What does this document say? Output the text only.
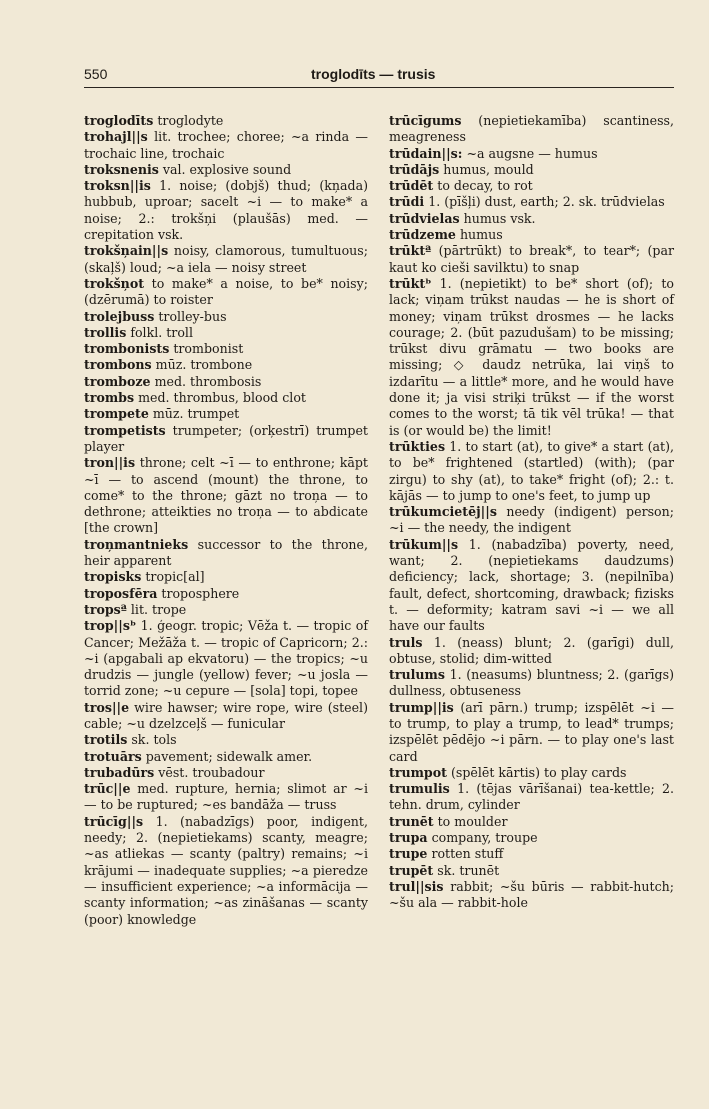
550	troglodīts — trusis
troglodīts troglodyte
trohajl||s lit. trochee; choree; ~a rinda — trochaic line, trochaic
troksnenis val. explosive sound
troksn||is 1. noise; (dobjš) thud; (kņada) hubbub, uproar; sacelt ~i — to make* a noise; 2.: trokšņi (plaušās) med. — crepitation vsk.
trokšņain||s noisy, clamorous, tumultuous; (skaļš) loud; ~a iela — noisy street
trokšņot to make* a noise, to be* noisy; (dzērumā) to roister
trolejbuss trolley-bus
trollis folkl. troll
trombonists trombonist
trombons mūz. trombone
tromboze med. thrombosis
trombs med. thrombus, blood clot
trompete mūz. trumpet
trompetists trumpeter; (orķestrī) trumpet player
tron||is throne; celt ~ī — to enthrone; kāpt ~ī — to ascend (mount) the throne, to come* to the throne; gāzt no troņa — to dethrone; atteikties no troņa — to abdicate [the crown]
troņmantnieks successor to the throne, heir apparent
tropisks tropic[al]
troposfēra troposphere
tropsª lit. trope
trop||sᵇ 1. ģeogr. tropic; Vēža t. — tropic of Cancer; Mežāža t. — tropic of Capricorn; 2.: ~i (apgabali ap ekvatoru) — the tropics; ~u drudzis — jungle (yellow) fever; ~u josla — torrid zone; ~u cepure — [sola] topi, topee
tros||e wire hawser; wire rope, wire (steel) cable; ~u dzelzceļš — funicular
trotils sk. tols
trotuārs pavement; sidewalk amer.
trubadūrs vēst. troubadour
trūc||e med. rupture, hernia; slimot ar ~i — to be ruptured; ~es bandāža — truss
trūcīg||s 1. (nabadzīgs) poor, indigent, needy; 2. (nepietiekams) scanty, meagre; ~as atliekas — scanty (paltry) remains; ~i krājumi — inadequate supplies; ~a pieredze — insufficient experience; ~a informācija — scanty information; ~as zināšanas — scanty (poor) knowledge
trūcīgums (nepietiekamība) scantiness, meagreness
trūdain||s: ~a augsne — humus
trūdājs humus, mould
trūdēt to decay, to rot
trūdi 1. (pīšļi) dust, earth; 2. sk. trūdvielas
trūdvielas humus vsk.
trūdzeme humus
trūktª (pārtrūkt) to break*, to tear*; (par kaut ko cieši savilktu) to snap
trūktᵇ 1. (nepietikt) to be* short (of); to lack; viņam trūkst naudas — he is short of money; viņam trūkst drosmes — he lacks courage; 2. (būt pazudušam) to be missing; trūkst divu grāmatu — two books are missing; ◇ daudz netrūka, lai viņš to izdarītu — a little* more, and he would have done it; ja visi striķi trūkst — if the worst comes to the worst; tā tik vēl trūka! — that is (or would be) the limit!
trūkties 1. to start (at), to give* a start (at), to be* frightened (startled) (with); (par zirgu) to shy (at), to take* fright (of); 2.: t. kājās — to jump to one's feet, to jump up
trūkumcietēj||s needy (indigent) person; ~i — the needy, the indigent
trūkum||s 1. (nabadzība) poverty, need, want; 2. (nepietiekams daudzums) deficiency; lack, shortage; 3. (nepilnība) fault, defect, shortcoming, drawback; fizisks t. — deformity; katram savi ~i — we all have our faults
truls 1. (neass) blunt; 2. (garīgi) dull, obtuse, stolid; dim-witted
trulums 1. (neasums) bluntness; 2. (garīgs) dullness, obtuseness
trump||is (arī pārn.) trump; izspēlēt ~i — to trump, to play a trump, to lead* trumps; izspēlēt pēdējo ~i pārn. — to play one's last card
trumpot (spēlēt kārtis) to play cards
trumulis 1. (tējas vārīšanai) tea-kettle; 2. tehn. drum, cylinder
trunēt to moulder
trupa company, troupe
trupe rotten stuff
trupēt sk. trunēt
trul||sis rabbit; ~šu būris — rabbit-hutch; ~šu ala — rabbit-hole
